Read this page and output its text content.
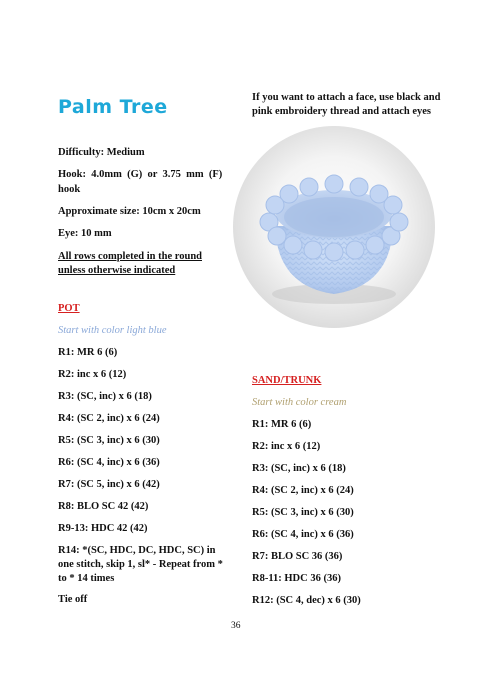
Palm Tree	If you want to attach a face, use black and pink embroidery thread and attach eyes
Difficulty: Medium
Hook:  4.0mm  (G)  or  3.75  mm  (F)
hook
Approximate size: 10cm x 20cm
Eye: 10 mm
All rows completed in the round
unless otherwise indicated
POT
Start with color light blue
R1: MR 6 (6)
R2: inc x 6 (12)
R3: (SC, inc) x 6 (18)
R4: (SC 2, inc) x 6 (24)
R5: (SC 3, inc) x 6 (30)
R6: (SC 4, inc) x 6 (36)
R7: (SC 5, inc) x 6 (42)
R8: BLO SC 42 (42)
R9-13: HDC 42 (42)
R14: *(SC, HDC, DC, HDC, SC) in
one stitch, skip 1, sl* - Repeat from *
to * 14 times
Tie off
SAND/TRUNK
Start with color cream
R1: MR 6 (6)
R2: inc x 6 (12)
R3: (SC, inc) x 6 (18)
R4: (SC 2, inc) x 6 (24)
R5: (SC 3, inc) x 6 (30)
R6: (SC 4, inc) x 6 (36)
R7: BLO SC 36 (36)
R8-11: HDC 36 (36)
R12: (SC 4, dec) x 6 (30)
36
